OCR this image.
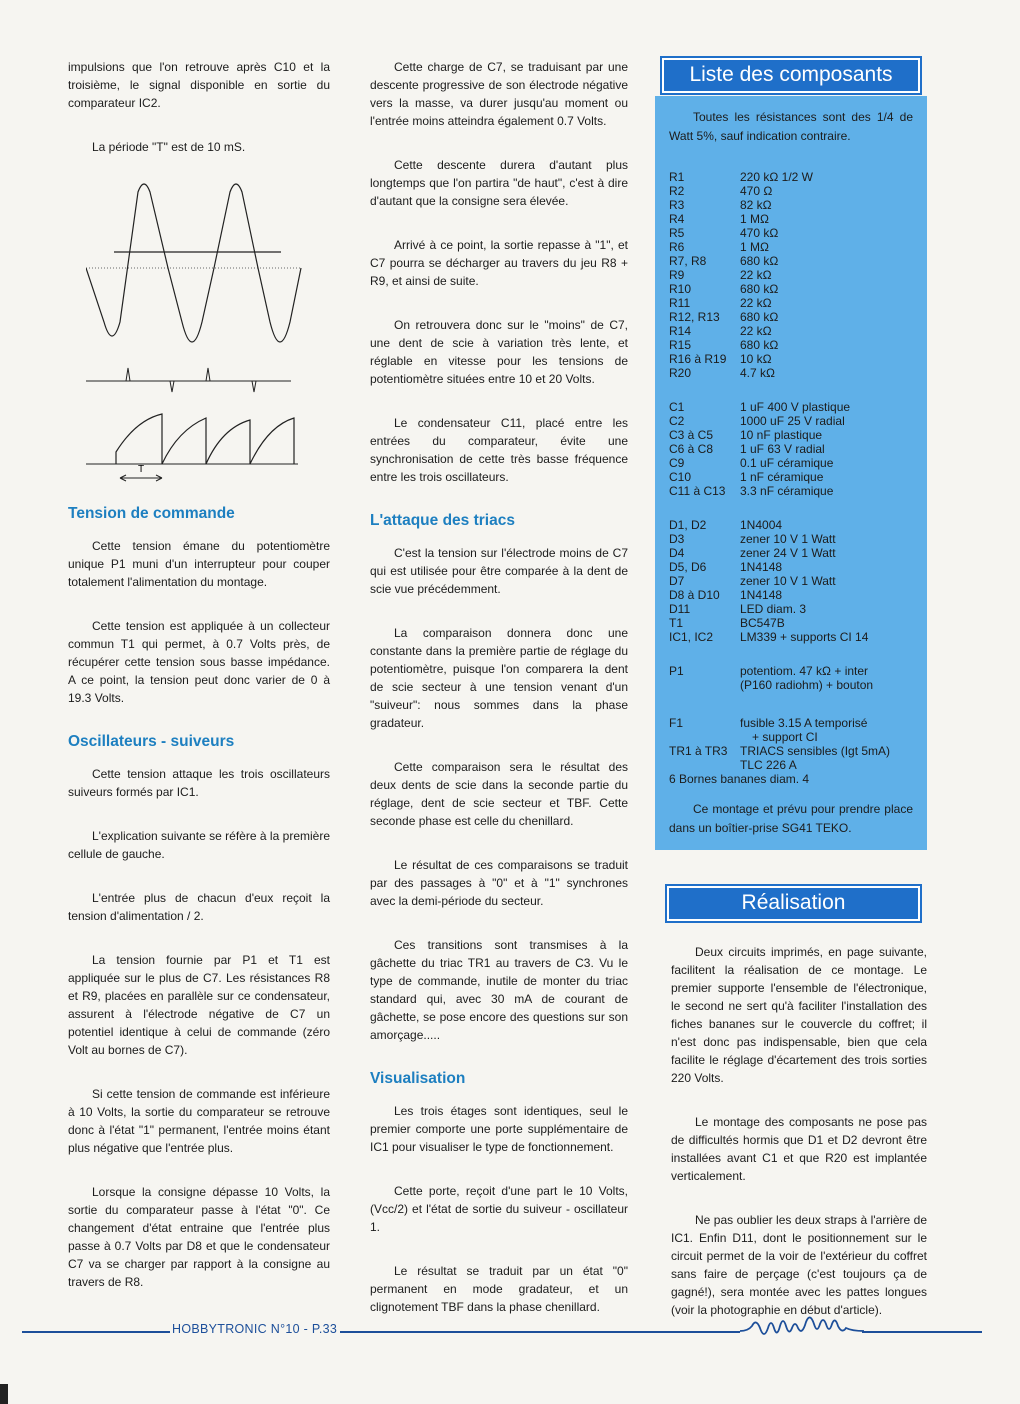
impulsions que l'on retrouve après C10 et la troisième, le signal disponible en sortie du comparateur IC2.

La période "T" est de 10 mS.

T
Tension de commande

Cette tension émane du potentiomètre unique P1 muni d'un interrupteur pour couper totalement l'alimentation du montage.

Cette tension est appliquée à un collecteur commun T1 qui permet, à 0.7 Volts près, de récupérer cette tension sous basse impédance. A ce point, la tension peut donc varier de 0 à 19.3 Volts.

Oscillateurs - suiveurs

Cette tension attaque les trois oscillateurs suiveurs formés par IC1.

L'explication suivante se réfère à la première cellule de gauche.

L'entrée plus de chacun d'eux reçoit la tension d'alimentation / 2.

La tension fournie par P1 et T1 est appliquée sur le plus de C7. Les résistances R8 et R9, placées en parallèle sur ce condensateur, assurent à l'électrode négative de C7 un potentiel identique à celui de commande (zéro Volt au bornes de C7).

Si cette tension de commande est inférieure à 10 Volts, la sortie du comparateur se retrouve donc à l'état "1" permanent, l'entrée moins étant plus négative que l'entrée plus.

Lorsque la consigne dépasse 10 Volts, la sortie du comparateur passe à l'état "0". Ce changement d'état entraine que l'entrée plus passe à 0.7 Volts par D8 et que le condensateur C7 va se charger par rapport à la consigne au travers de R8.

Cette charge de C7, se traduisant par une descente progressive de son électrode négative vers la masse, va durer jusqu'au moment ou l'entrée moins atteindra également 0.7 Volts.

Cette descente durera d'autant plus longtemps que l'on partira "de haut", c'est à dire d'autant que la consigne sera élevée.

Arrivé à ce point, la sortie repasse à "1", et C7 pourra se décharger au travers du jeu R8 + R9, et ainsi de suite.

On retrouvera donc sur le "moins" de C7, une dent de scie à variation très lente, et réglable en vitesse pour les tensions de potentiomètre situées entre 10 et 20 Volts.

Le condensateur C11, placé entre les entrées du comparateur, évite une synchronisation de cette très basse fréquence entre les trois oscillateurs.

L'attaque des triacs

C'est la tension sur l'électrode moins de C7 qui est utilisée pour être comparée à la dent de scie vue précédemment.

La comparaison donnera donc une constante dans la première partie de réglage du potentiomètre, puisque l'on comparera la dent de scie secteur à une tension venant d'un "suiveur": nous sommes dans la phase gradateur.

Cette comparaison sera le résultat des deux dents de scie dans la seconde partie du réglage, dent de scie secteur et TBF. Cette seconde phase est celle du chenillard.

Le résultat de ces comparaisons se traduit par des passages à "0" et à "1" synchrones avec la demi-période du secteur.

Ces transitions sont transmises à la gâchette du triac TR1 au travers de C3. Vu le type de commande, inutile de monter du triac standard qui, avec 30 mA de courant de gâchette, se pose encore des questions sur son amorçage.....

Visualisation

Les trois étages sont identiques, seul le premier comporte une porte supplémentaire de IC1 pour visualiser le type de fonctionnement.

Cette porte, reçoit d'une part le 10 Volts, (Vcc/2) et l'état de sortie du suiveur - oscillateur 1.

Le résultat se traduit par un état "0" permanent en mode gradateur, et un clignotement TBF dans la phase chenillard.

Liste des composants
Toutes les résistances sont des 1/4 de Watt 5%, sauf indication contraire.
R1	220 kΩ 1/2 W
R2	470 Ω
R3	82 kΩ
R4	1 MΩ
R5	470 kΩ
R6	1 MΩ
R7, R8	680 kΩ
R9	22 kΩ
R10	680 kΩ
R11	22 kΩ
R12, R13	680 kΩ
R14	22 kΩ
R15	680 kΩ
R16 à R19	10 kΩ
R20	4.7 kΩ
C1	1 uF 400 V plastique
C2	1000 uF 25 V radial
C3 à C5	10 nF plastique
C6 à C8	1 uF 63 V radial
C9	0.1 uF céramique
C10	1 nF céramique
C11 à C13	3.3 nF céramique
D1, D2	1N4004
D3	zener 10 V 1 Watt
D4	zener 24 V 1 Watt
D5, D6	1N4148
D7	zener 10 V 1 Watt
D8 à D10	1N4148
D11	LED diam. 3
T1	BC547B
IC1, IC2	LM339 + supports CI 14
P1	potentiom. 47 kΩ + inter
(P160 radiohm) + bouton
F1	fusible 3.15 A temporisé
+ support CI
TR1 à TR3	TRIACS sensibles (Igt 5mA)
TLC 226 A
6 Bornes bananes diam. 4
Ce montage et prévu pour prendre place dans un boîtier-prise SG41 TEKO.
Réalisation

Deux circuits imprimés, en page suivante, facilitent la réalisation de ce montage. Le premier supporte l'ensemble de l'électronique, le second ne sert qu'à faciliter l'installation des fiches bananes sur le couvercle du coffret; il n'est donc pas indispensable, bien que cela facilite le réglage d'écartement des trois sorties 220 Volts.

Le montage des composants ne pose pas de difficultés hormis que D1 et D2 devront être installées avant C1 et que R20 est implantée verticalement.

Ne pas oublier les deux straps à l'arrière de IC1. Enfin D11, dont le positionnement sur le circuit permet de la voir de l'extérieur du coffret sans faire de perçage (c'est toujours ça de gagné!), sera montée avec les pattes longues (voir la photographie en début d'article).

HOBBYTRONIC N°10 - P.33
